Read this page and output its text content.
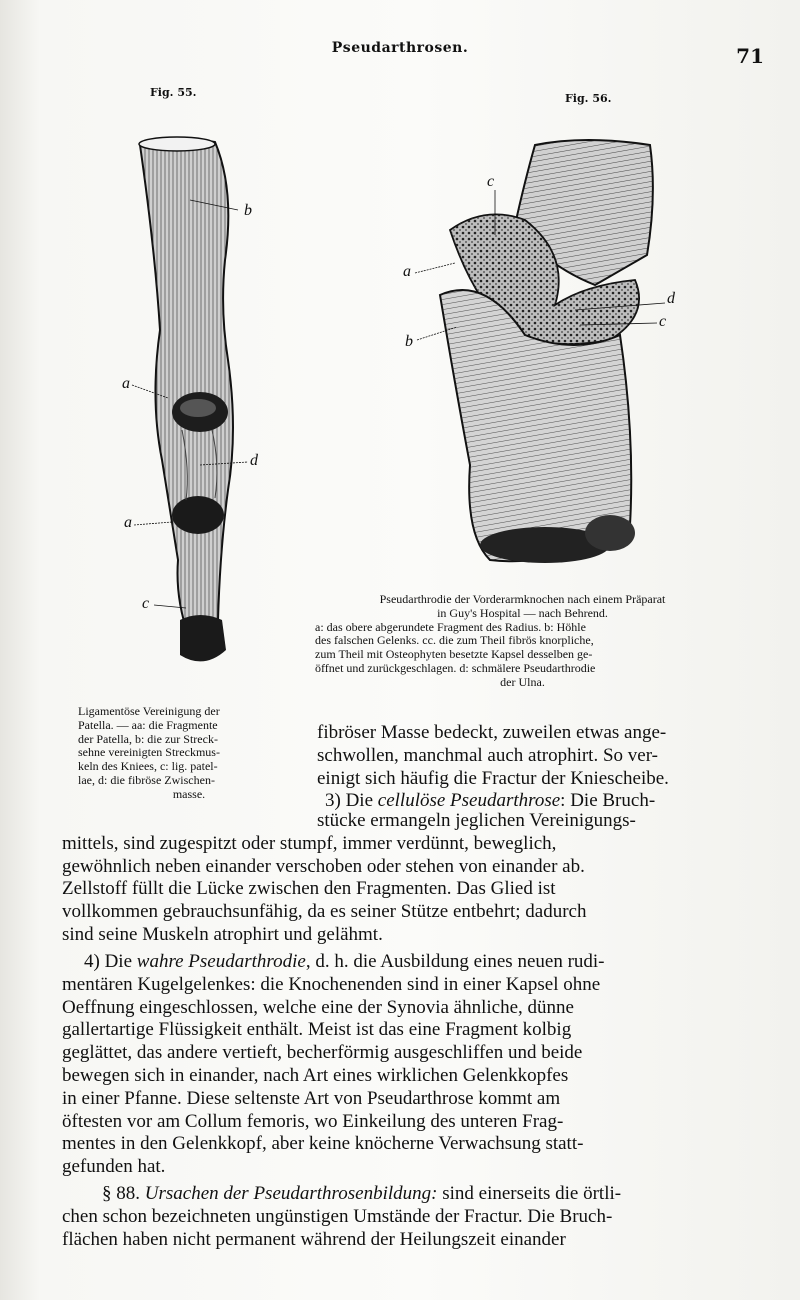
Pseudarthrosen.	71
Fig. 55.
b
a
d
a
c
Fig. 56.
c
a
d
c
b
Pseudarthrodie der Vorderarmknochen nach einem Präparat
in Guy's Hospital — nach Behrend.
a: das obere abgerundete Fragment des Radius. b: Höhle
des falschen Gelenks. cc. die zum Theil fibrös knorpliche,
zum Theil mit Osteophyten besetzte Kapsel desselben ge-
öffnet und zurückgeschlagen. d: schmälere Pseudarthrodie
der Ulna.
Ligamentöse Vereinigung der
Patella. — aa: die Fragmente
der Patella, b: die zur Streck-
sehne vereinigten Streckmus-
keln des Kniees, c: lig. patel-
lae, d: die fibröse Zwischen-
masse.
fibröser Masse bedeckt, zuweilen etwas ange-
schwollen, manchmal auch atrophirt. So ver-
einigt sich häufig die Fractur der Kniescheibe.
3) Die cellulöse Pseudarthrose: Die Bruch-
stücke ermangeln jeglichen Vereinigungs-
mittels, sind zugespitzt oder stumpf, immer verdünnt, beweglich,
gewöhnlich neben einander verschoben oder stehen von einander ab.
Zellstoff füllt die Lücke zwischen den Fragmenten. Das Glied ist
vollkommen gebrauchsunfähig, da es seiner Stütze entbehrt; dadurch
sind seine Muskeln atrophirt und gelähmt.
4) Die wahre Pseudarthrodie, d. h. die Ausbildung eines neuen rudi-
mentären Kugelgelenkes: die Knochenenden sind in einer Kapsel ohne
Oeffnung eingeschlossen, welche eine der Synovia ähnliche, dünne
gallertartige Flüssigkeit enthält. Meist ist das eine Fragment kolbig
geglättet, das andere vertieft, becherförmig ausgeschliffen und beide
bewegen sich in einander, nach Art eines wirklichen Gelenkkopfes
in einer Pfanne. Diese seltenste Art von Pseudarthrose kommt am
öftesten vor am Collum femoris, wo Einkeilung des unteren Frag-
mentes in den Gelenkkopf, aber keine knöcherne Verwachsung statt-
gefunden hat.
§ 88. Ursachen der Pseudarthrosenbildung: sind einerseits die örtli-
chen schon bezeichneten ungünstigen Umstände der Fractur. Die Bruch-
flächen haben nicht permanent während der Heilungszeit einander
